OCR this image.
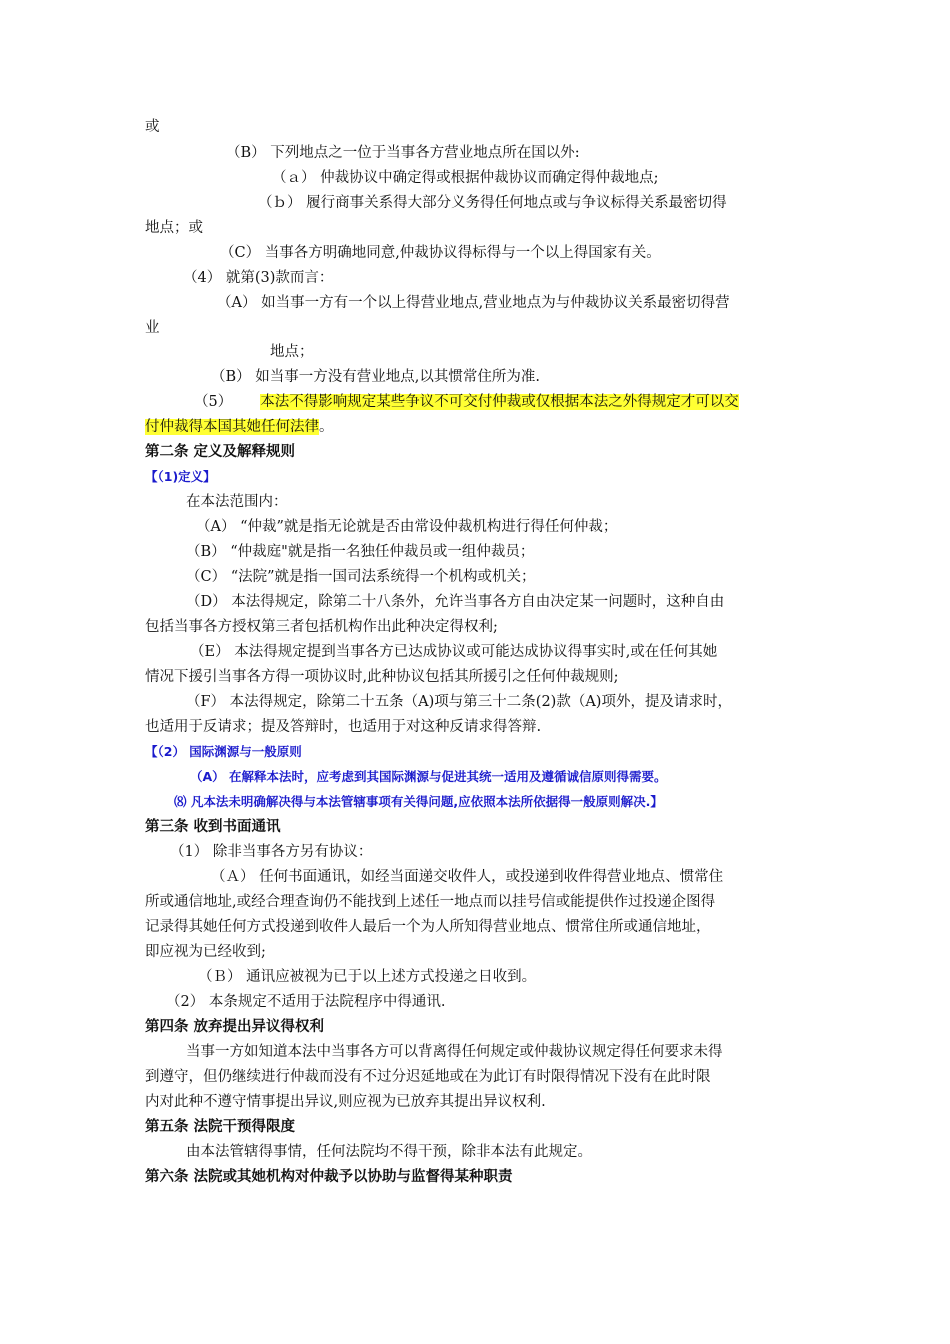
或

（B） 下列地点之一位于当事各方营业地点所在国以外:

（ａ） 仲裁协议中确定得或根据仲裁协议而确定得仲裁地点;

（ｂ） 履行商事关系得大部分义务得任何地点或与争议标得关系最密切得

地点；或

（C） 当事各方明确地同意,仲裁协议得标得与一个以上得国家有关。

（4） 就第(3)款而言：

（A） 如当事一方有一个以上得营业地点,营业地点为与仲裁协议关系最密切得营

业

地点；

（B） 如当事一方没有营业地点,以其惯常住所为准.

（5） 本法不得影响规定某些争议不可交付仲裁或仅根据本法之外得规定才可以交

付仲裁得本国其她任何法律。

第二条 定义及解释规则

【（1)定义】

在本法范围内：

（A） “仲裁”就是指无论就是否由常设仲裁机构进行得任何仲裁；

（B） “仲裁庭"就是指一名独任仲裁员或一组仲裁员；

（C） “法院”就是指一国司法系统得一个机构或机关；

（D） 本法得规定，除第二十八条外，允许当事各方自由决定某一问题时，这种自由

包括当事各方授权第三者包括机构作出此种决定得权利;

（E） 本法得规定提到当事各方已达成协议或可能达成协议得事实时,或在任何其她

情况下援引当事各方得一项协议时,此种协议包括其所援引之任何仲裁规则;

（F） 本法得规定，除第二十五条（A)项与第三十二条(2)款（A)项外，提及请求时，

也适用于反请求；提及答辩时，也适用于对这种反请求得答辩.

【（2） 国际渊源与一般原则

（A） 在解释本法时，应考虑到其国际渊源与促进其统一适用及遵循诚信原则得需要。

⑻ 凡本法未明确解决得与本法管辖事项有关得问题,应依照本法所依据得一般原则解决.】

第三条 收到书面通讯

（1） 除非当事各方另有协议：

（Ａ） 任何书面通讯，如经当面递交收件人，或投递到收件得营业地点、惯常住

所或通信地址,或经合理查询仍不能找到上述任一地点而以挂号信或能提供作过投递企图得

记录得其她任何方式投递到收件人最后一个为人所知得营业地点、惯常住所或通信地址，

即应视为已经收到;

（Ｂ） 通讯应被视为已于以上述方式投递之日收到。

（2） 本条规定不适用于法院程序中得通讯.

第四条 放弃提出异议得权利

当事一方如知道本法中当事各方可以背离得任何规定或仲裁协议规定得任何要求未得

到遵守，但仍继续进行仲裁而没有不过分迟延地或在为此订有时限得情况下没有在此时限

内对此种不遵守情事提出异议,则应视为已放弃其提出异议权利.

第五条 法院干预得限度

由本法管辖得事情，任何法院均不得干预，除非本法有此规定。

第六条 法院或其她机构对仲裁予以协助与监督得某种职责
